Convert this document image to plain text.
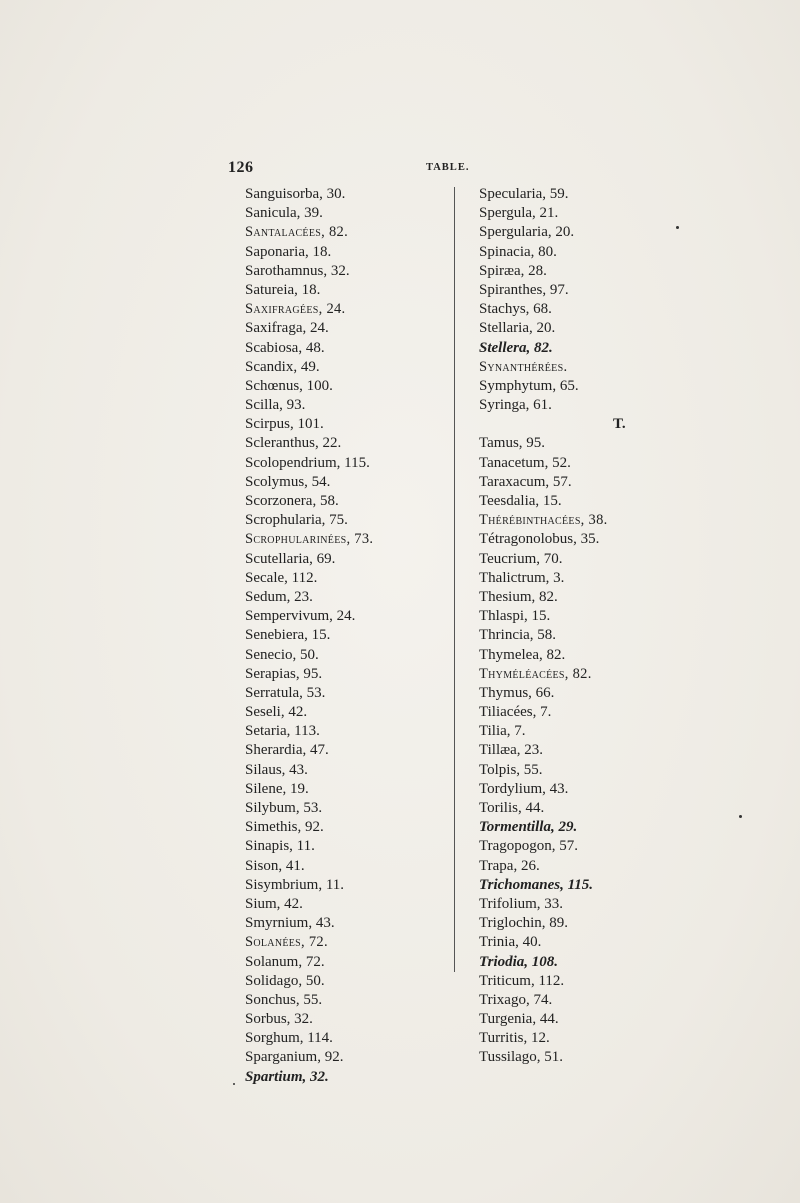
126	TABLE.
Sanguisorba, 30.
Sanicula, 39.
Santalacées, 82.
Saponaria, 18.
Sarothamnus, 32.
Satureia, 18.
Saxifragées, 24.
Saxifraga, 24.
Scabiosa, 48.
Scandix, 49.
Schœnus, 100.
Scilla, 93.
Scirpus, 101.
Scleranthus, 22.
Scolopendrium, 115.
Scolymus, 54.
Scorzonera, 58.
Scrophularia, 75.
Scrophularinées, 73.
Scutellaria, 69.
Secale, 112.
Sedum, 23.
Sempervivum, 24.
Senebiera, 15.
Senecio, 50.
Serapias, 95.
Serratula, 53.
Seseli, 42.
Setaria, 113.
Sherardia, 47.
Silaus, 43.
Silene, 19.
Silybum, 53.
Simethis, 92.
Sinapis, 11.
Sison, 41.
Sisymbrium, 11.
Sium, 42.
Smyrnium, 43.
Solanées, 72.
Solanum, 72.
Solidago, 50.
Sonchus, 55.
Sorbus, 32.
Sorghum, 114.
Sparganium, 92.
Spartium, 32.
Specularia, 59.
Spergula, 21.
Spergularia, 20.
Spinacia, 80.
Spiræa, 28.
Spiranthes, 97.
Stachys, 68.
Stellaria, 20.
Stellera, 82.
Synanthérées.
Symphytum, 65.
Syringa, 61.
T.
Tamus, 95.
Tanacetum, 52.
Taraxacum, 57.
Teesdalia, 15.
Thérébinthacées, 38.
Tétragonolobus, 35.
Teucrium, 70.
Thalictrum, 3.
Thesium, 82.
Thlaspi, 15.
Thrincia, 58.
Thymelea, 82.
Thyméléacées, 82.
Thymus, 66.
Tiliacées, 7.
Tilia, 7.
Tillæa, 23.
Tolpis, 55.
Tordylium, 43.
Torilis, 44.
Tormentilla, 29.
Tragopogon, 57.
Trapa, 26.
Trichomanes, 115.
Trifolium, 33.
Triglochin, 89.
Trinia, 40.
Triodia, 108.
Triticum, 112.
Trixago, 74.
Turgenia, 44.
Turritis, 12.
Tussilago, 51.
